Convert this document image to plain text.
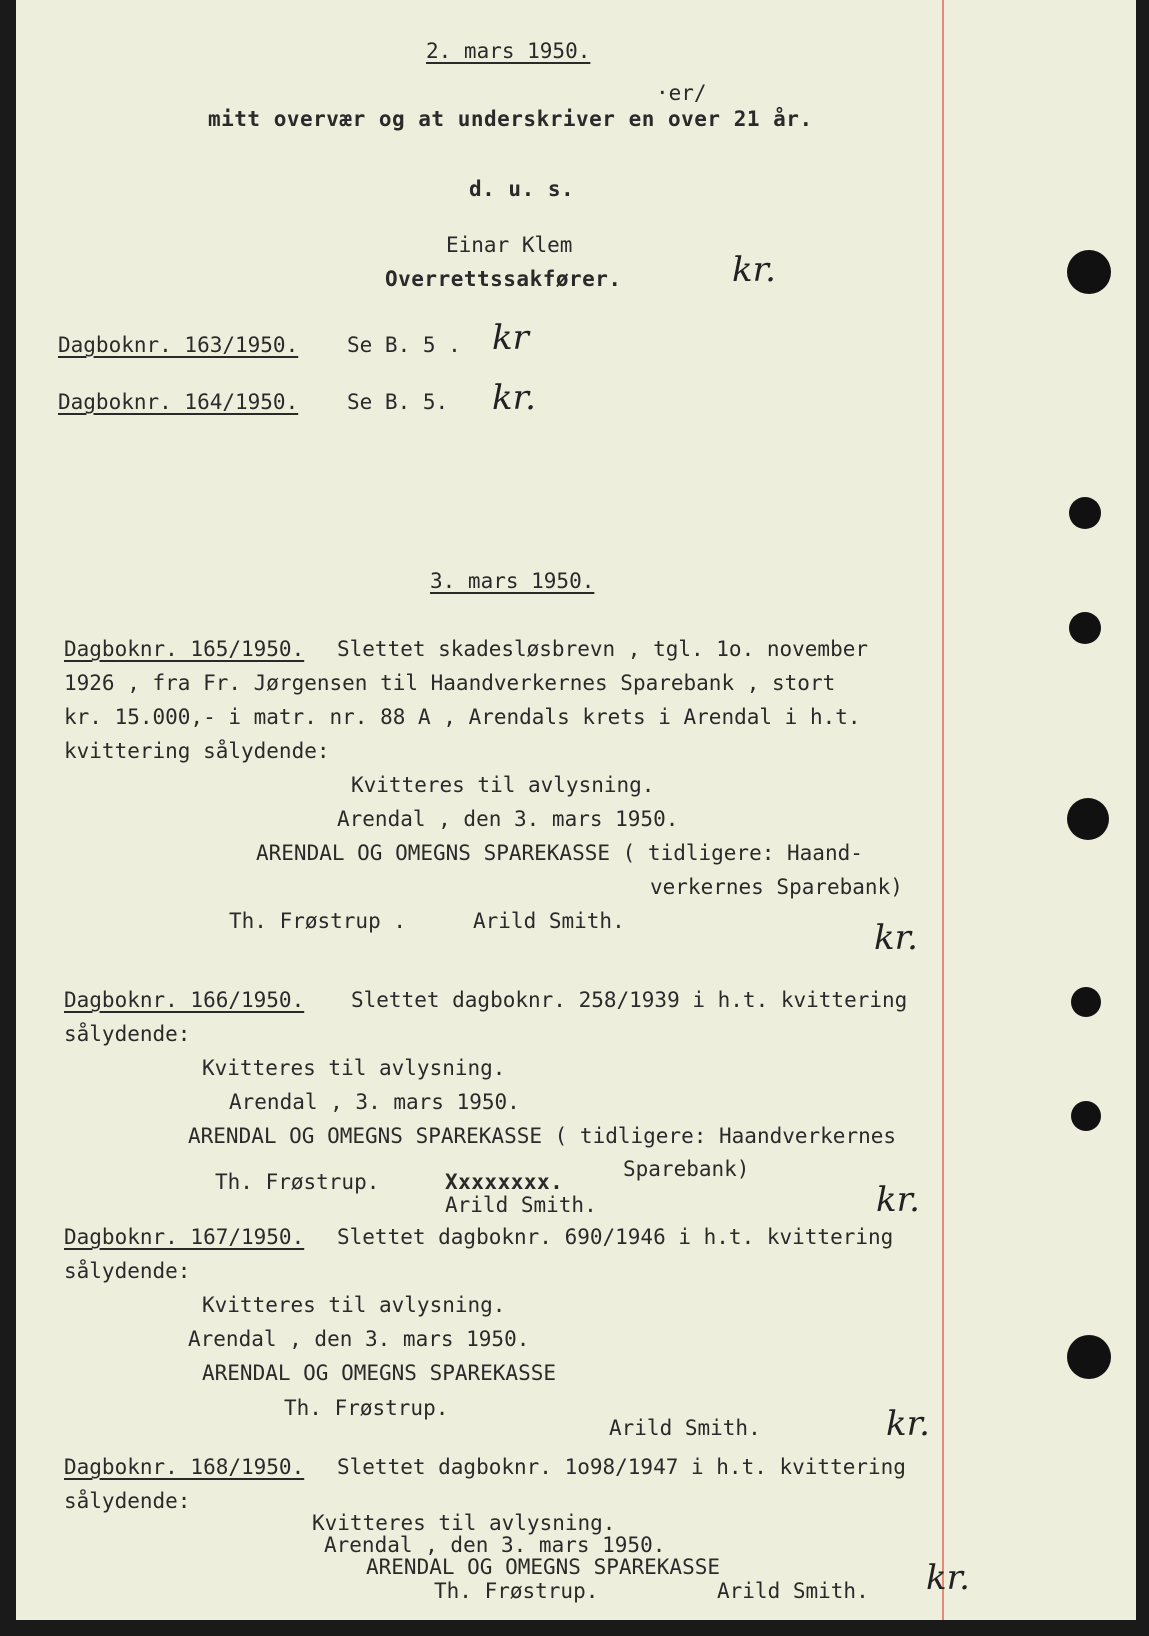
2. mars 1950.
·er/
mitt overvær og at underskriver en over 21 år.
d. u. s.
Einar Klem
Overrettssakfører.	kr.
Dagboknr. 163/1950. Se B. 5 . kr
Dagboknr. 164/1950. Se B. 5. kr.
3. mars 1950.
Dagboknr. 165/1950. Slettet skadesløsbrevn , tgl. 1o. november
1926 , fra Fr. Jørgensen til Haandverkernes Sparebank , stort
kr. 15.000,- i matr. nr. 88 A , Arendals krets i Arendal i h.t.
kvittering sålydende:
Kvitteres til avlysning.
Arendal , den 3. mars 1950.
ARENDAL OG OMEGNS SPAREKASSE ( tidligere: Haand-
verkernes Sparebank)
Th. Frøstrup .	Arild Smith.	kr.
Dagboknr. 166/1950. Slettet dagboknr. 258/1939 i h.t. kvittering
sålydende:
Kvitteres til avlysning.
Arendal , 3. mars 1950.
ARENDAL OG OMEGNS SPAREKASSE ( tidligere: Haandverkernes
Sparebank)
Th. Frøstrup.	Xxxxxxxx.
Arild Smith.	kr.
Dagboknr. 167/1950. Slettet dagboknr. 690/1946 i h.t. kvittering
sålydende:
Kvitteres til avlysning.
Arendal , den 3. mars 1950.
ARENDAL OG OMEGNS SPAREKASSE
Th. Frøstrup.
Arild Smith.	kr.
Dagboknr. 168/1950. Slettet dagboknr. 1o98/1947 i h.t. kvittering
sålydende:
Kvitteres til avlysning.
Arendal , den 3. mars 1950.
ARENDAL OG OMEGNS SPAREKASSE
Th. Frøstrup.	Arild Smith. kr.
